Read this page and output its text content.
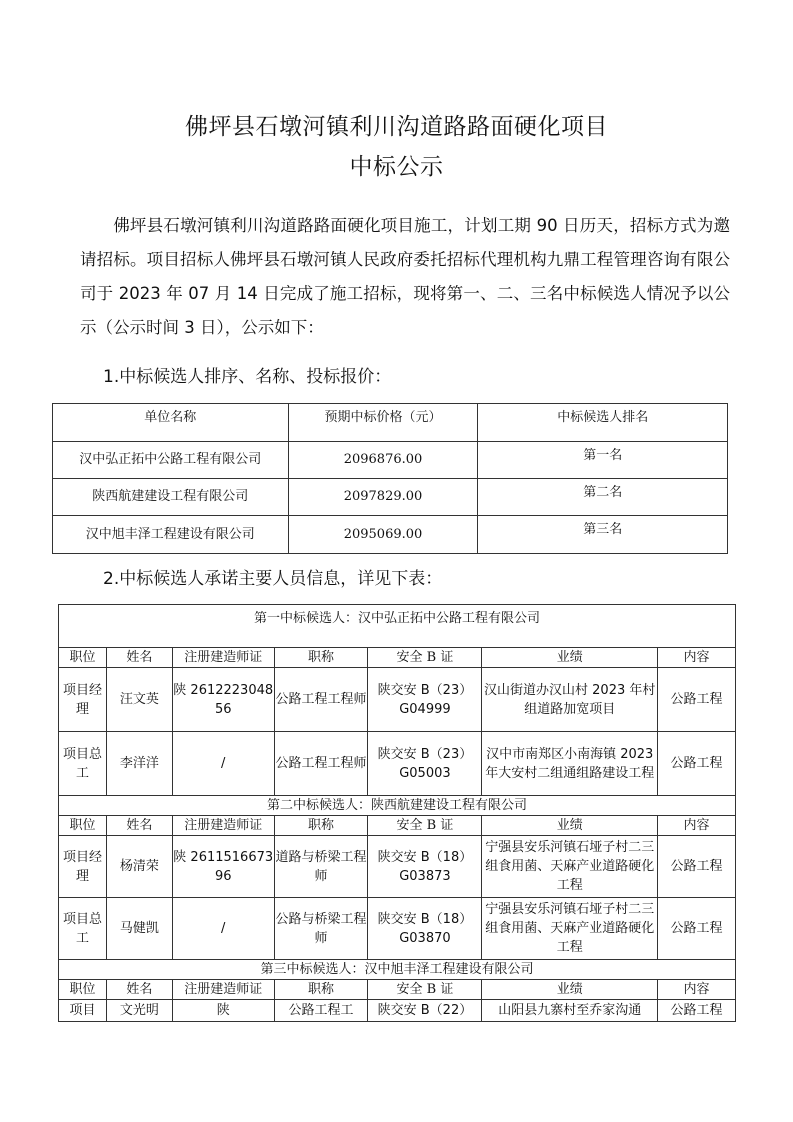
佛坪县石墩河镇利川沟道路路面硬化项目
中标公示
佛坪县石墩河镇利川沟道路路面硬化项目施工，计划工期 90 日历天，招标方式为邀请招标。项目招标人佛坪县石墩河镇人民政府委托招标代理机构九鼎工程管理咨询有限公司于 2023 年 07 月 14 日完成了施工招标，现将第一、二、三名中标候选人情况予以公示（公示时间 3 日），公示如下：
1.中标候选人排序、名称、投标报价：
单位名称	预期中标价格（元）	中标候选人排名
汉中弘正拓中公路工程有限公司	2096876.00	第一名
陕西航建建设工程有限公司	2097829.00	第二名
汉中旭丰泽工程建设有限公司	2095069.00	第三名
2.中标候选人承诺主要人员信息，详见下表：
第一中标候选人：汉中弘正拓中公路工程有限公司						
职位	姓名	注册建造师证	职称	安全 B 证	业绩	内容
项目经理	汪文英	陕 261222304856	公路工程工程师	陕交安 B（23）G04999	汉山街道办汉山村 2023 年村组道路加宽项目	公路工程
项目总工	李洋洋	/	公路工程工程师	陕交安 B（23）G05003	汉中市南郑区小南海镇 2023 年大安村二组通组路建设工程	公路工程
第二中标候选人：陕西航建建设工程有限公司						
职位	姓名	注册建造师证	职称	安全 B 证	业绩	内容
项目经理	杨清荣	陕 261151667396	道路与桥梁工程师	陕交安 B（18）G03873	宁强县安乐河镇石垭子村二三组食用菌、天麻产业道路硬化工程	公路工程
项目总工	马健凯	/	公路与桥梁工程师	陕交安 B（18）G03870	宁强县安乐河镇石垭子村二三组食用菌、天麻产业道路硬化工程	公路工程
第三中标候选人：汉中旭丰泽工程建设有限公司						
职位	姓名	注册建造师证	职称	安全 B 证	业绩	内容
项目	文光明	陕	公路工程工	陕交安 B（22）	山阳县九寨村至乔家沟通	公路工程
